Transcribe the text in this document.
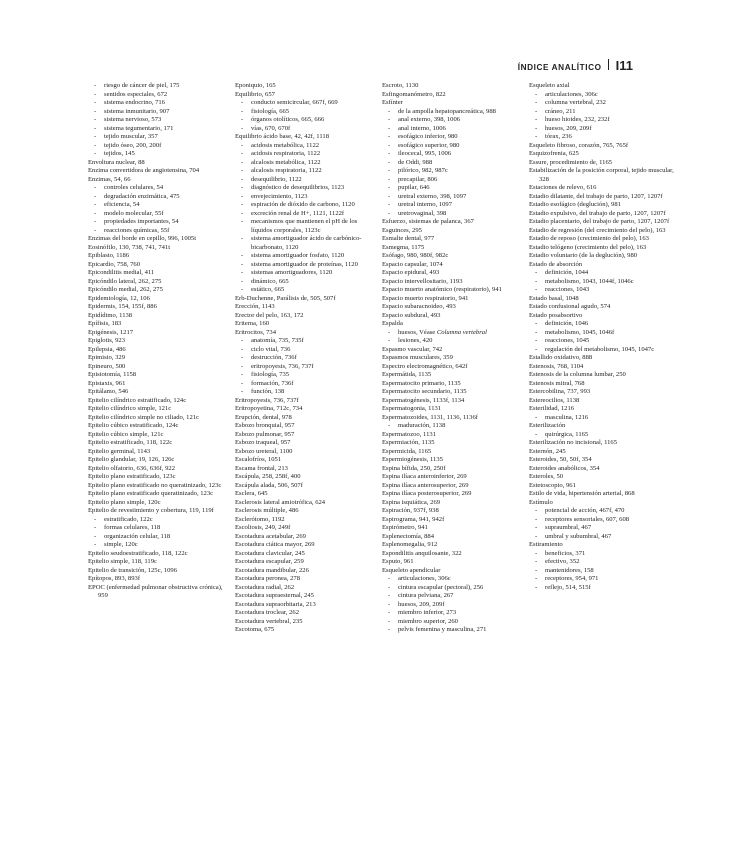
ÍNDICE ANALÍTICO I11
- riesgo de cáncer de piel, 175
- sentidos especiales, 672
- sistema endocrino, 716
- sistema inmunitario, 907
- sistema nervioso, 573
- sistema tegumentario, 171
- tejido muscular, 357
- tejido óseo, 200, 200f
- tejidos, 145
Envoltura nuclear, 88
Enzima convertidora de angiotensina, 704
Enzimas, 54, 66
- controles celulares, 54
- degradación enzimática, 475
- eficiencia, 54
- modelo molecular, 55f
- propiedades importantes, 54
- reacciones químicas, 55f
Enzimas del borde en cepillo, 996, 1005t
Eosinófilo, 130, 738, 741, 741t
Epiblasto, 1186
Epicardio, 758, 760
Epicondilitis medial, 411
Epicóndilo lateral, 262, 275
Epicóndilo medial, 262, 275
Epidemiología, 12, 106
Epidermis, 154, 155f, 886
Epidídimo, 1138
Epífisis, 183
Epigénesis, 1217
Epiglotis, 923
Epilepsia, 486
Epimisio, 329
Epineuro, 500
Episiotomía, 1158
Epistaxis, 961
Epitálamo, 546
Epitelio cilíndrico estratificado, 124c
Epitelio cilíndrico simple, 121c
Epitelio cilíndrico simple no ciliado, 121c
Epitelio cúbico estratificado, 124c
Epitelio cúbico simple, 121c
Epitelio estratificado, 118, 122c
Epitelio germinal, 1143
Epitelio glandular, 19, 126, 126c
Epitelio olfatorio, 636, 636f, 922
Epitelio plano estratificado, 123c
Epitelio plano estratificado no queratinizado, 123c
Epitelio plano estratificado queratinizado, 123c
Epitelio plano simple, 120c
Epitelio de revestimiento y cobertura, 119, 119f
- estratificado, 122c
- formas celulares, 118
- organización celular, 118
- simple, 120c
Epitelio seudoestratificado, 118, 122c
Epitelio simple, 118, 119c
Epitelio de transición, 125c, 1096
Epítopos, 893, 893f
EPOC (enfermedad pulmonar obstructiva crónica), 959
Eponiquio, 165
Equilibrio, 657
- conducto semicircular, 667f, 669
- fisiología, 665
- órganos otolíticos, 665, 666
- vías, 670, 670f
Equilibrio ácido base, 42, 42f, 1118
- acidosis metabólica, 1122
- acidosis respiratoria, 1122
- alcalosis metabólica, 1122
- alcalosis respiratoria, 1122
- desequilibrio, 1122
- diagnóstico de desequilibrios, 1123
- envejecimiento, 1123
- espiración de dióxido de carbono, 1120
- excreción renal de H+, 1121, 1122f
- mecanismos que mantienen el pH de los líquidos corporales, 1123c
- sistema amortiguador ácido de carbónico-bicarbonato, 1120
- sistema amortiguador fosfato, 1120
- sistema amortiguador de proteínas, 1120
- sistemas amortiguadores, 1120
- dinámico, 665
- estático, 665
Erb-Duchenne, Parálisis de, 505, 507f
Erección, 1143
Erector del pelo, 163, 172
Eritema, 160
Eritrocitos, 734
- anatomía, 735, 735f
- ciclo vital, 736
- destrucción, 736f
- eritropoyesis, 736, 737f
- fisiología, 735
- formación, 736f
- función, 138
Eritropoyesis, 736, 737f
Eritropoyetina, 712c, 734
Erupción, dental, 978
Esbozo bronquial, 957
Esbozo pulmonar, 957
Esbozo traqueal, 957
Esbozo ureteral, 1100
Escalofríos, 1051
Escama frontal, 213
Escápula, 258, 258f, 400
Escápula alada, 506, 507f
Esclera, 645
Esclerosis lateral amiotrófica, 624
Esclerosis múltiple, 486
Esclerótomo, 1192
Escoliosis, 249, 249f
Escotadura acetabular, 269
Escotadura ciática mayor, 269
Escotadura clavicular, 245
Escotadura escapular, 259
Escotadura mandibular, 226
Escotadura peronea, 278
Escotadura radial, 262
Escotadura supraesternal, 245
Escotadura supraorbitaria, 213
Escotadura troclear, 262
Escotadura vertebral, 235
Escotoma, 675
Escroto, 1130
Esfingomanómetro, 822
Esfínter
- de la ampolla hepatopancreática, 988
- anal externo, 398, 1006
- anal interno, 1006
- esofágico inferior, 980
- esofágico superior, 980
- ileocecal, 995, 1006
- de Oddi, 988
- pilórico, 982, 987c
- precapilar, 806
- pupilar, 646
- uretral externo, 398, 1097
- uretral interno, 1097
- uretrovaginal, 398
Esfuerzo, sistemas de palanca, 367
Esguinces, 295
Esmalte dental, 977
Esmegma, 1175
Esófago, 980, 980f, 982c
Espacio capsular, 1074
Espacio epidural, 493
Espacio intervellositario, 1193
Espacio muerto anatómico (respiratorio), 941
Espacio muerto respiratorio, 941
Espacio subaracnoideo, 493
Espacio subdural, 493
Espalda
- huesos, Véase Columna vertebral
- lesiones, 420
Espasmo vascular, 742
Espasmos musculares, 359
Espectro electromagnético, 642f
Espermátida, 1135
Espermatocito primario, 1135
Espermatocito secundario, 1135
Espermatogénesis, 1133f, 1134
Espermatogonia, 1131
Espermatozoides, 1131, 1136, 1136f
- maduración, 1138
Espermatozoo, 1131
Espermiación, 1135
Espermicida, 1165
Espermiogénesis, 1135
Espina bífida, 250, 250f
Espina ilíaca anteroinferior, 269
Espina ilíaca anterosuperior, 269
Espina ilíaca posterosuperior, 269
Espina isquiática, 269
Espiración, 937f, 938
Espirograma, 941, 942f
Espirómetro, 941
Esplenectomía, 884
Esplenomegalia, 912
Espondilitis anquilosante, 322
Esputo, 961
Esqueleto apendicular
- articulaciones, 306c
- cintura escapular (pectoral), 256
- cintura pelviana, 267
- huesos, 209, 209f
- miembro inferior, 273
- miembro superior, 260
- pelvis femenina y masculina, 271
Esqueleto axial
- articulaciones, 306c
- columna vertebral, 232
- cráneo, 211
- hueso hioides, 232, 232f
- huesos, 209, 209f
- tórax, 236
Esqueleto fibroso, corazón, 765, 765f
Esquizofrenia, 625
Essure, procedimiento de, 1165
Estabilización de la posición corporal, tejido muscular, 328
Estaciones de relevo, 616
Estadio dilatante, del trabajo de parto, 1207, 1207f
Estadio esofágico (deglución), 981
Estadio expulsivo, del trabajo de parto, 1207, 1207f
Estadio placentario, del trabajo de parto, 1207, 1207f
Estadio de regresión (del crecimiento del pelo), 163
Estadio de reposo (crecimiento del pelo), 163
Estadio telógeno (crecimiento del pelo), 163
Estadio voluntario (de la deglución), 980
Estado de absorción
- definición, 1044
- metabolismo, 1043, 1044f, 1046c
- reacciones, 1043
Estado basal, 1048
Estado confusional agudo, 574
Estado posabsortivo
- definición, 1046
- metabolismo, 1045, 1046f
- reacciones, 1045
- regulación del metabolismo, 1045, 1047c
Estallido oxidativo, 888
Estenosis, 768, 1104
Estenosis de la columna lumbar, 250
Estenosis mitral, 768
Estercobilina, 737, 993
Estereocilios, 1138
Esterilidad, 1216
- masculina, 1216
Esterilización
- quirúrgica, 1165
Esterilización no incisional, 1165
Esternón, 245
Esteroides, 50, 50f, 354
Esteroides anabólicos, 354
Esteroles, 50
Estetoscopio, 961
Estilo de vida, hipertensión arterial, 868
Estímulo
- potencial de acción, 467f, 470
- receptores sensoriales, 607, 608
- supraumbral, 467
- umbral y subumbral, 467
Estiramiento
- beneficios, 371
- efectivo, 352
- mantenidores, 158
- receptores, 954, 971
- reflejo, 514, 515f
